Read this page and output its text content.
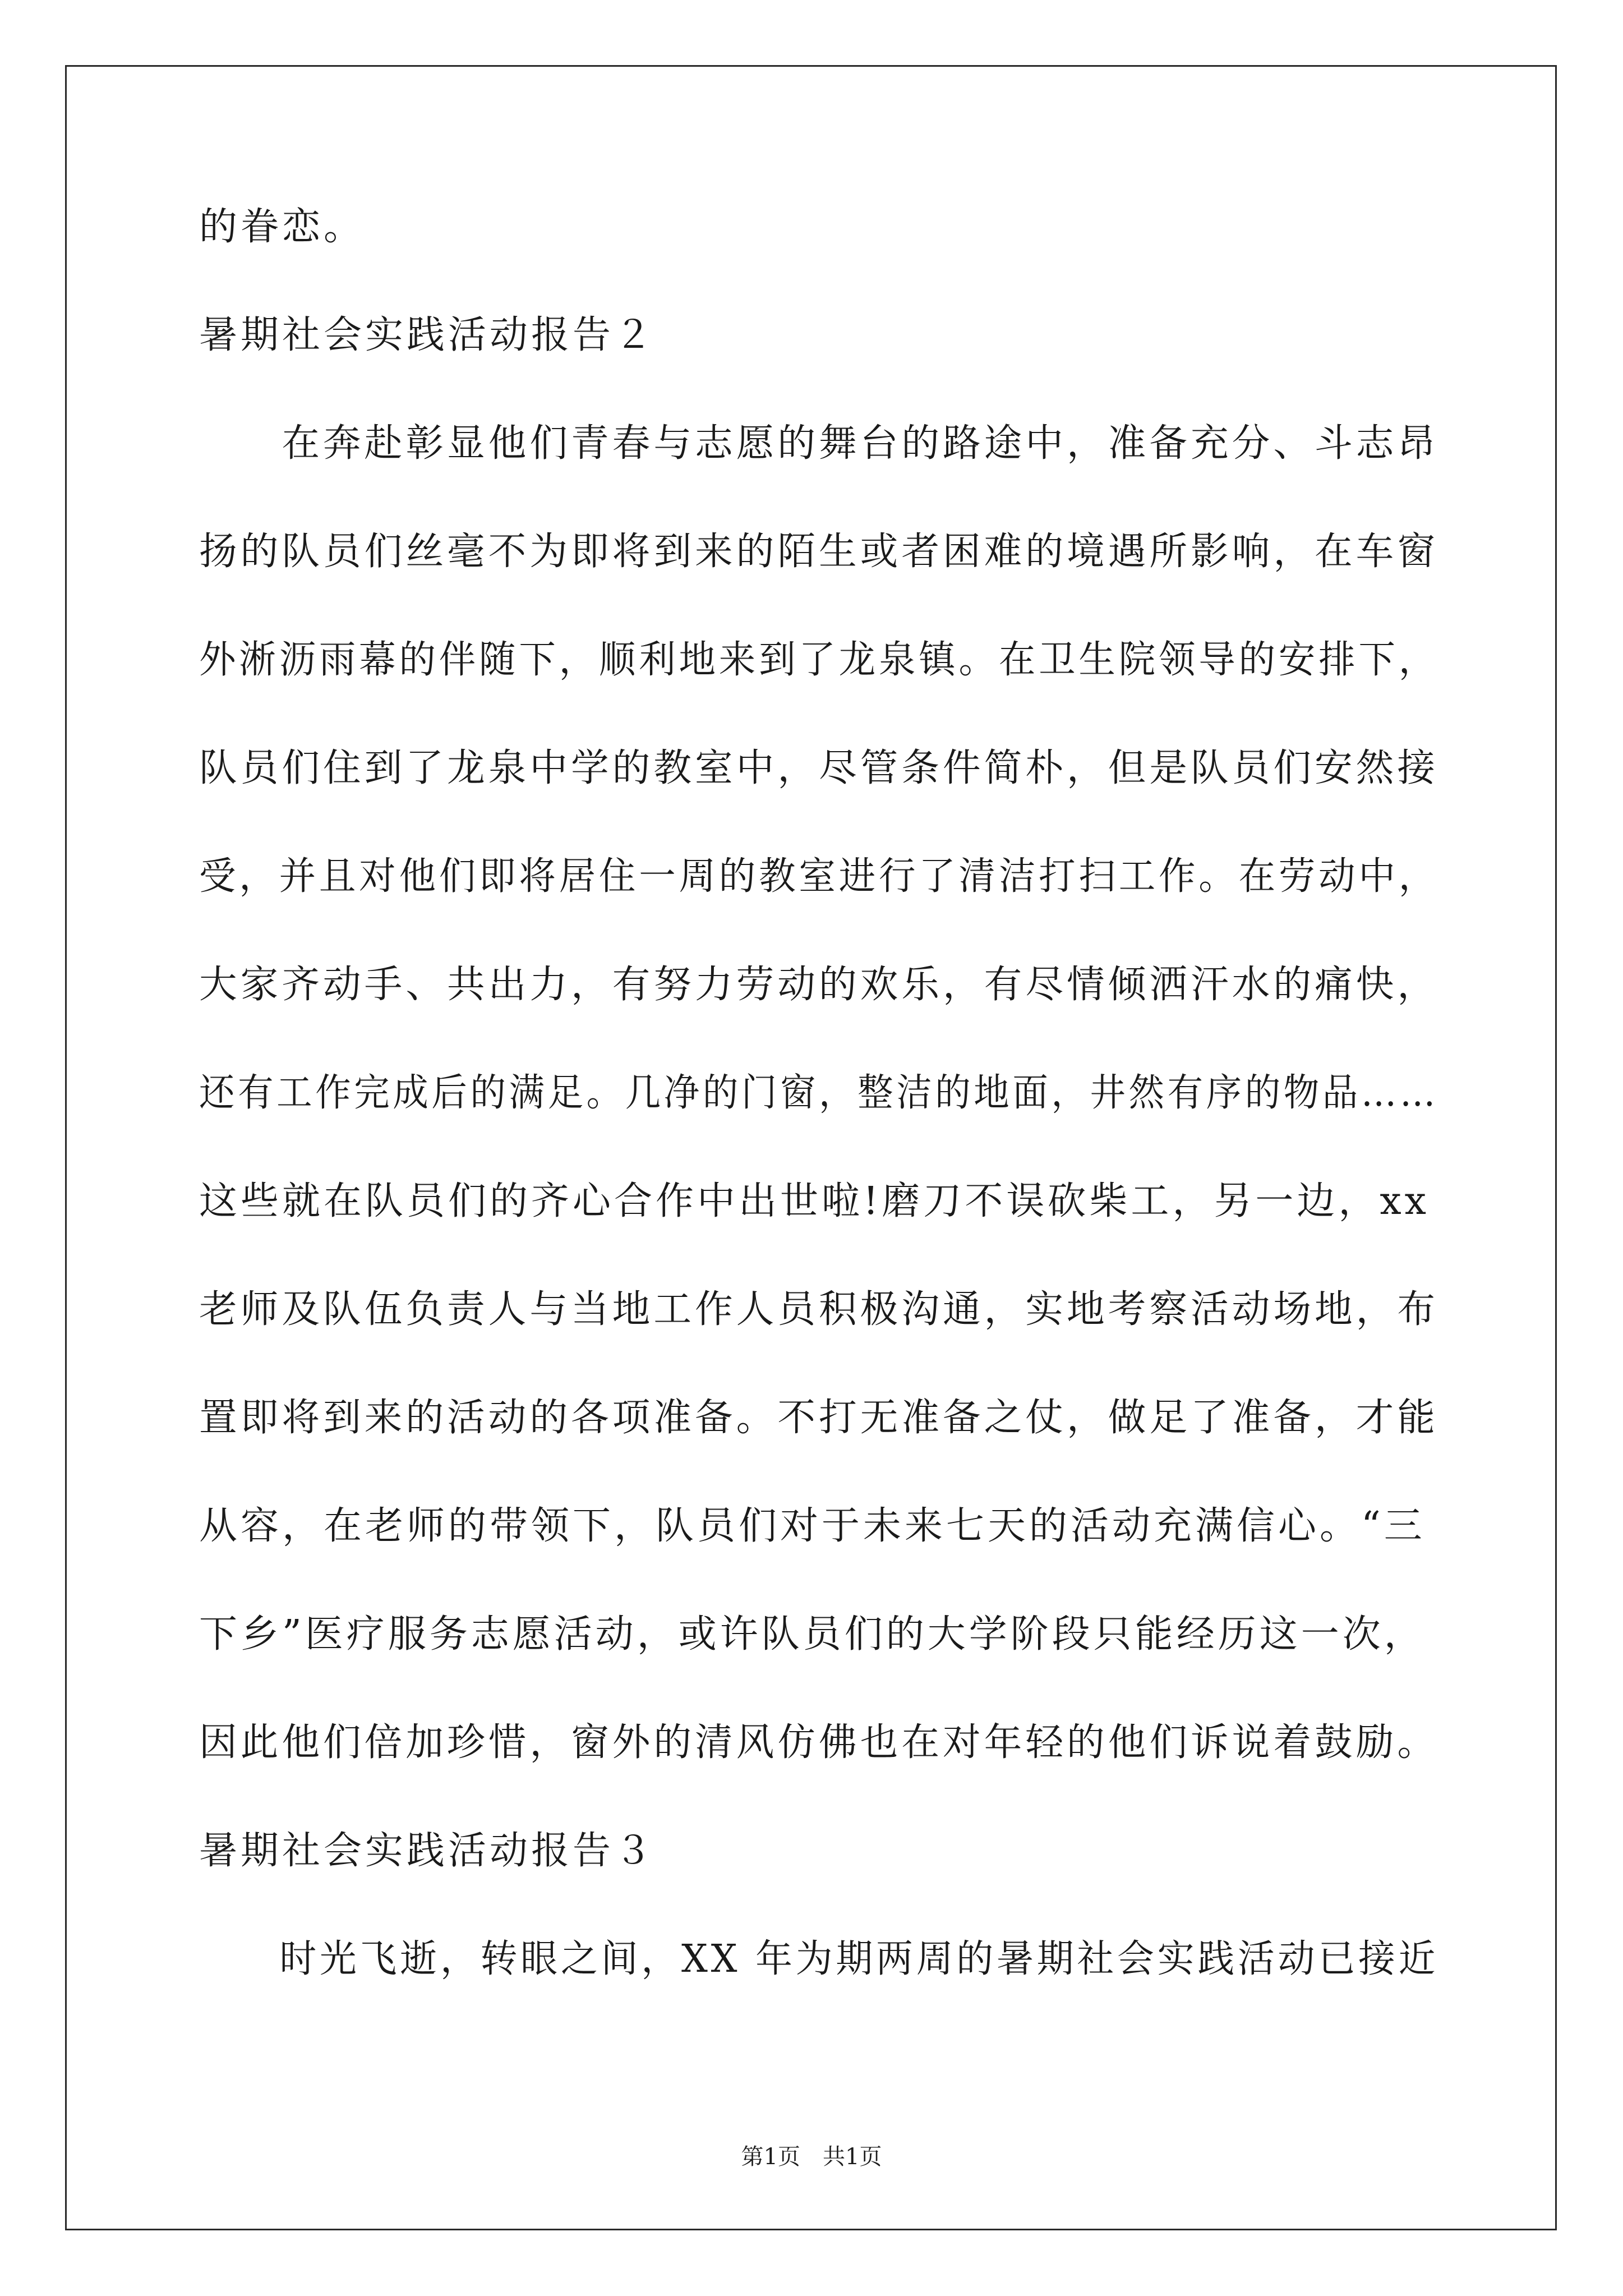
的眷恋。
暑期社会实践活动报告２
　　在奔赴彰显他们青春与志愿的舞台的路途中，准备充分、斗志昂
扬的队员们丝毫不为即将到来的陌生或者困难的境遇所影响，在车窗
外淅沥雨幕的伴随下，顺利地来到了龙泉镇。在卫生院领导的安排下，
队员们住到了龙泉中学的教室中，尽管条件简朴，但是队员们安然接
受，并且对他们即将居住一周的教室进行了清洁打扫工作。在劳动中，
大家齐动手、共出力，有努力劳动的欢乐，有尽情倾洒汗水的痛快，
还有工作完成后的满足。几净的门窗，整洁的地面，井然有序的物品……
这些就在队员们的齐心合作中出世啦!磨刀不误砍柴工，另一边，xx
老师及队伍负责人与当地工作人员积极沟通，实地考察活动场地，布
置即将到来的活动的各项准备。不打无准备之仗，做足了准备，才能
从容，在老师的带领下，队员们对于未来七天的活动充满信心。“三
下乡”医疗服务志愿活动，或许队员们的大学阶段只能经历这一次，
因此他们倍加珍惜，窗外的清风仿佛也在对年轻的他们诉说着鼓励。
暑期社会实践活动报告３
　　时光飞逝，转眼之间，XX 年为期两周的暑期社会实践活动已接近
第1页　共1页
